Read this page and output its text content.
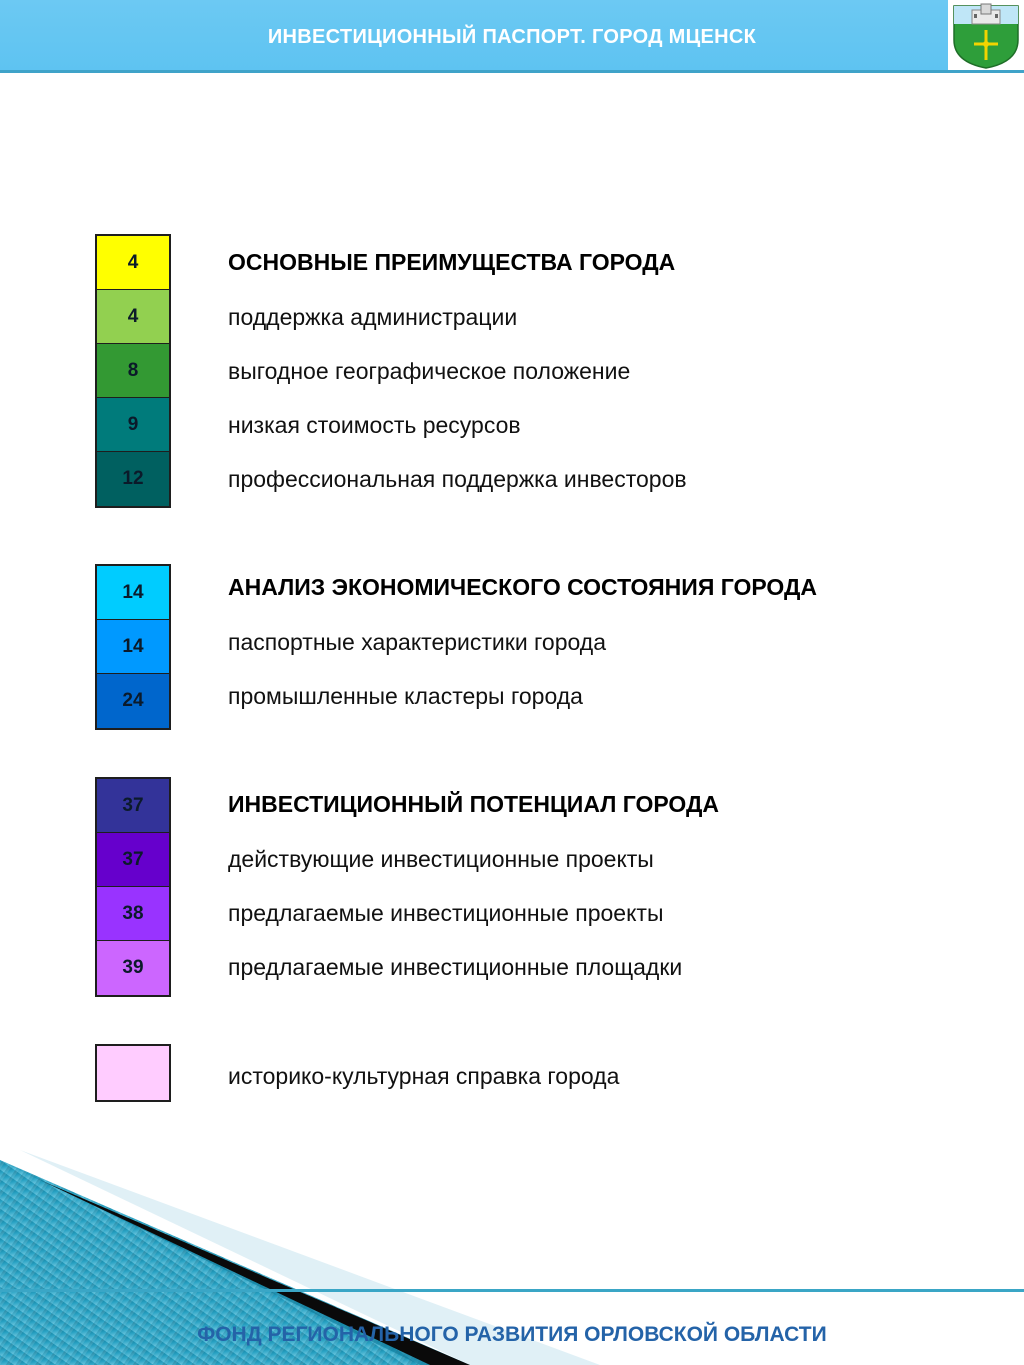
ИНВЕСТИЦИОННЫЙ ПАСПОРТ. ГОРОД МЦЕНСК
4
4
8
9
12
ОСНОВНЫЕ ПРЕИМУЩЕСТВА ГОРОДА
поддержка администрации
выгодное географическое положение
низкая стоимость ресурсов
профессиональная поддержка инвесторов
14
14
24
АНАЛИЗ ЭКОНОМИЧЕСКОГО СОСТОЯНИЯ ГОРОДА
паспортные характеристики города
промышленные кластеры города
37
37
38
39
ИНВЕСТИЦИОННЫЙ ПОТЕНЦИАЛ ГОРОДА
действующие инвестиционные проекты
предлагаемые инвестиционные проекты
предлагаемые инвестиционные площадки
историко-культурная справка города
ФОНД РЕГИОНАЛЬНОГО РАЗВИТИЯ ОРЛОВСКОЙ ОБЛАСТИ
